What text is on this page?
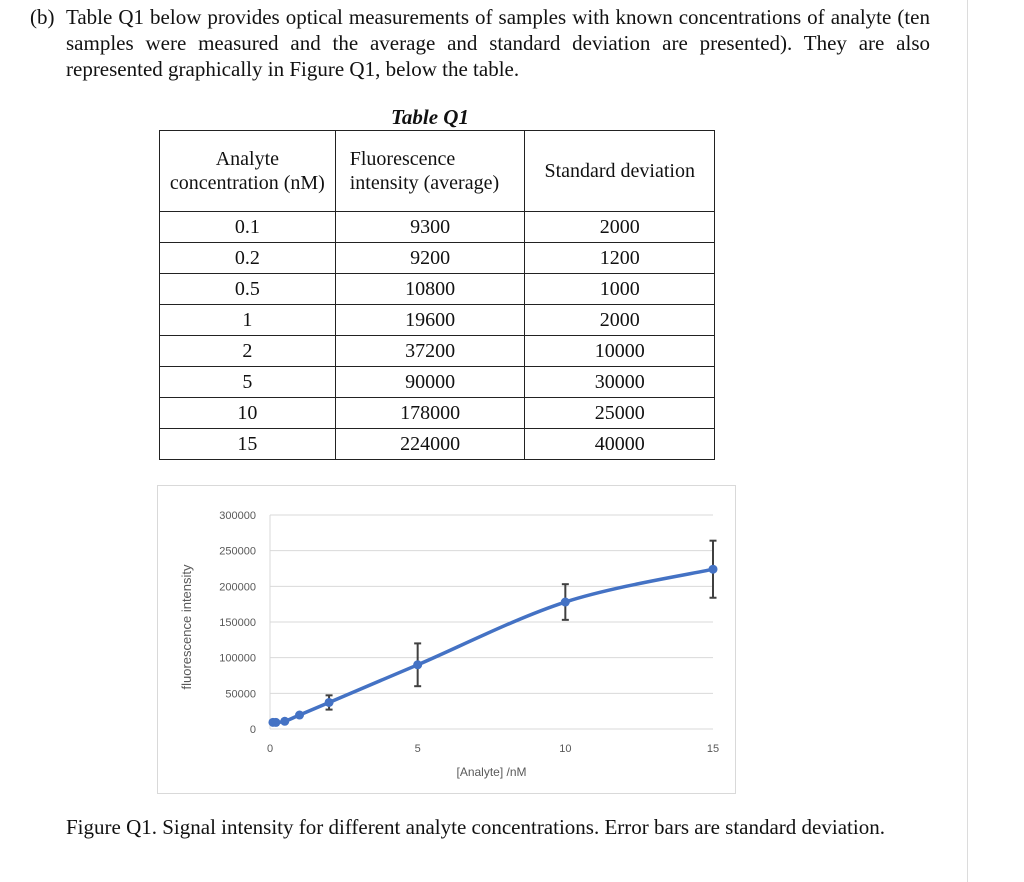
(b) Table Q1 below provides optical measurements of samples with known concentrations of analyte (ten samples were measured and the average and standard deviation are presented). They are also represented graphically in Figure Q1, below the table.
Table Q1
Analyte concentration (nM)	Fluorescence intensity (average)	Standard deviation
0.1	9300	2000
0.2	9200	1200
0.5	10800	1000
1	19600	2000
2	37200	10000
5	90000	30000
10	178000	25000
15	224000	40000
0
50000
100000
150000
200000
250000
300000
0	5	10	15
[Analyte] /nM
fluorescence intensity

Figure Q1. Signal intensity for different analyte concentrations. Error bars are standard deviation.
